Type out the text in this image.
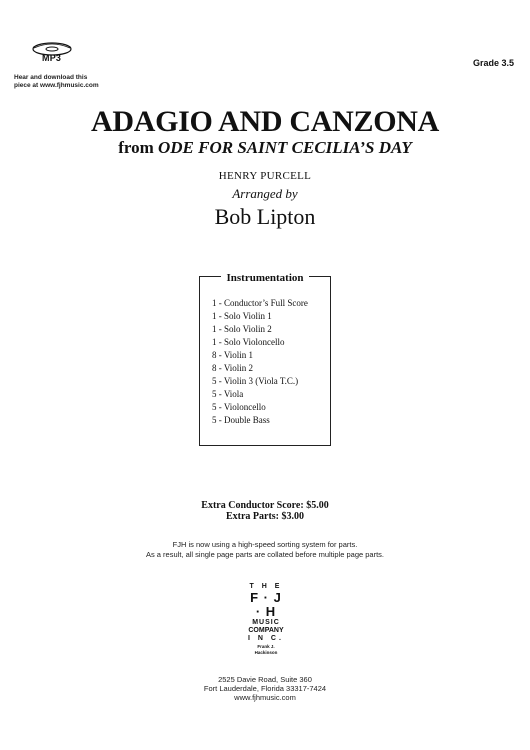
MP3
Hear and download this
piece at www.fjhmusic.com
Grade 3.5
ADAGIO AND CANZONA
from ODE FOR SAINT CECILIA’S DAY
HENRY PURCELL
Arranged by
Bob Lipton
Instrumentation
1 - Conductor’s Full Score
1 - Solo Violin 1
1 - Solo Violin 2
1 - Solo Violoncello
8 - Violin 1
8 - Violin 2
5 - Violin 3 (Viola T.C.)
5 - Viola
5 - Violoncello
5 - Double Bass
Extra Conductor Score: $5.00
Extra Parts: $3.00
FJH is now using a high-speed sorting system for parts.
As a result, all single page parts are collated before multiple page parts.
T H E
F · J · H
MUSIC
COMPANY
I N C.
Frank J. Hackinson
2525 Davie Road, Suite 360
Fort Lauderdale, Florida 33317-7424
www.fjhmusic.com
